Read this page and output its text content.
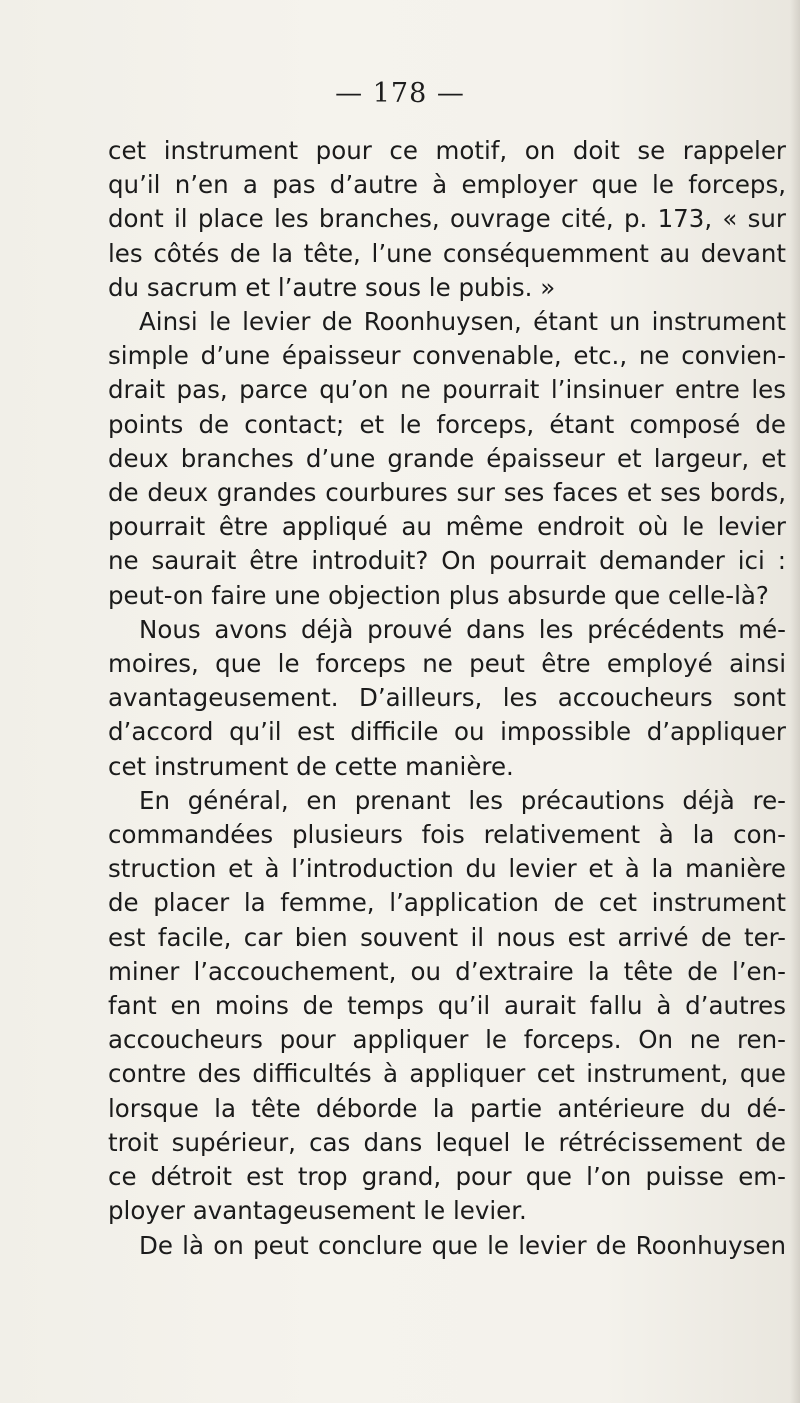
— 178 —
cet instrument pour ce motif, on doit se rappeler
qu’il n’en a pas d’autre à employer que le forceps,
dont il place les branches, ouvrage cité, p. 173, « sur
les côtés de la tête, l’une conséquemment au devant
du sacrum et l’autre sous le pubis. »
Ainsi le levier de Roonhuysen, étant un instrument
simple d’une épaisseur convenable, etc., ne convien-
drait pas, parce qu’on ne pourrait l’insinuer entre les
points de contact; et le forceps, étant composé de
deux branches d’une grande épaisseur et largeur, et
de deux grandes courbures sur ses faces et ses bords,
pourrait être appliqué au même endroit où le levier
ne saurait être introduit? On pourrait demander ici :
peut-on faire une objection plus absurde que celle-là?
Nous avons déjà prouvé dans les précédents mé-
moires, que le forceps ne peut être employé ainsi
avantageusement. D’ailleurs, les accoucheurs sont
d’accord qu’il est difficile ou impossible d’appliquer
cet instrument de cette manière.
En général, en prenant les précautions déjà re-
commandées plusieurs fois relativement à la con-
struction et à l’introduction du levier et à la manière
de placer la femme, l’application de cet instrument
est facile, car bien souvent il nous est arrivé de ter-
miner l’accouchement, ou d’extraire la tête de l’en-
fant en moins de temps qu’il aurait fallu à d’autres
accoucheurs pour appliquer le forceps. On ne ren-
contre des difficultés à appliquer cet instrument, que
lorsque la tête déborde la partie antérieure du dé-
troit supérieur, cas dans lequel le rétrécissement de
ce détroit est trop grand, pour que l’on puisse em-
ployer avantageusement le levier.
De là on peut conclure que le levier de Roonhuysen
